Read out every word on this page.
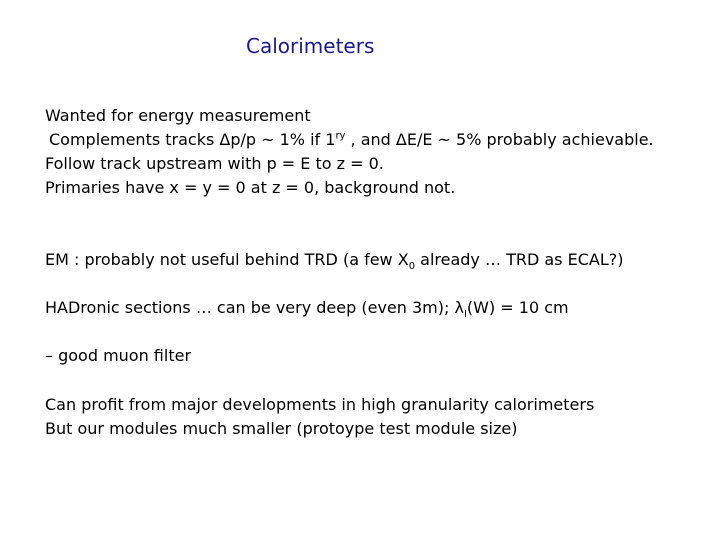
Calorimeters
Wanted for energy measurement
Complements tracks Δp/p ~ 1% if $1^{ry}$ , and ΔE/E ~ 5% probably achievable.
Follow track upstream with p = E to z = 0.
Primaries have x = y = 0 at z = 0, background not.
EM : probably not useful behind TRD (a few $X_0$ already … TRD as ECAL?)
HADronic sections … can be very deep (even 3m); $\lambda_I(W) = 10$ cm
– good muon filter
Can profit from major developments in high granularity calorimeters
But our modules much smaller (protoype test module size)
